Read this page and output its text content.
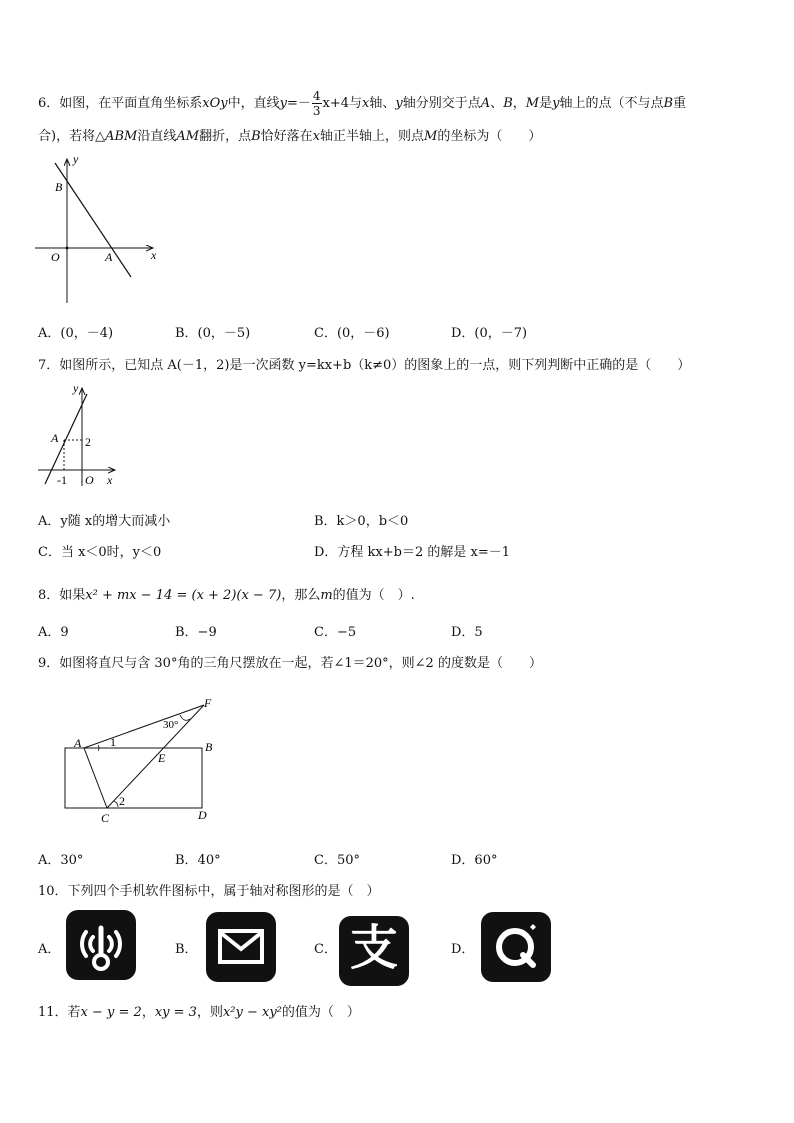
6．如图，在平面直角坐标系xOy中，直线$y=- \frac{4}{3} x+4$与x轴、y轴分别交于点A、B，M是y轴上的点（不与点B重
合)，若将△ABM沿直线AM翻折，点B恰好落在x轴正半轴上，则点M的坐标为（　　）
y
B
O	A	x
A．(0，－4)	B．(0，－5)	C．(0，－6)	D．(0，－7)
7．如图所示，已知点 A(－1，2)是一次函数 y=kx+b（k≠0）的图象上的一点，则下列判断中正确的是（　　）
y
A 2
-1 O x
A．y随 x的增大而减小	B．k＞0，b＜0
C．当 x＜0时，y＜0	D．方程 kx+b＝2 的解是 x=－1
8．如果x² + mx − 14 = (x + 2)(x − 7)，那么m的值为（　）.
A．9	B．−9	C．−5	D．5
9．如图将直尺与含 30°角的三角尺摆放在一起，若∠1＝20°，则∠2 的度数是（　　）
F
30°
A 1	B
E
2
C	D
A．30°	B．40°	C．50°	D．60°
10．下列四个手机软件图标中，属于轴对称图形的是（　）
A．	B．	C． 支	D．
11．若x − y = 2，xy = 3，则x²y − xy²的值为（　）
